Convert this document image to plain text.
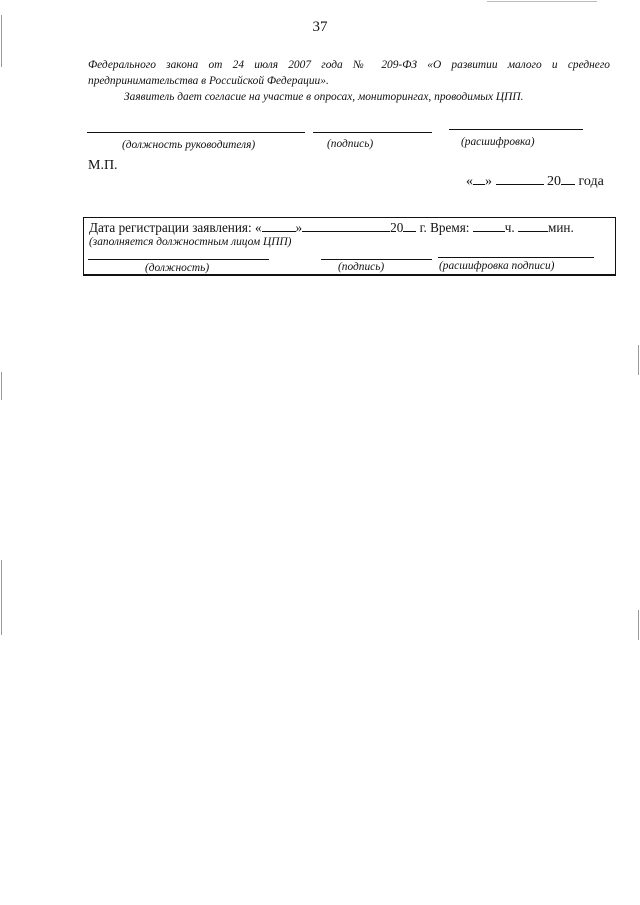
37
Федерального закона от 24 июля 2007 года № 209-ФЗ «О развитии малого и среднего
предпринимательства в Российской Федерации».
Заявитель дает согласие на участие в опросах, мониторингах, проводимых ЦПП.
(должность руководителя)	(подпись)	(расшифровка)
М.П.
« »	20 года
Дата регистрации заявления: «	»	20 г. Время:	ч.	мин.
(заполняется должностным лицом ЦПП)
(должность)	(подпись)	(расшифровка подписи)
